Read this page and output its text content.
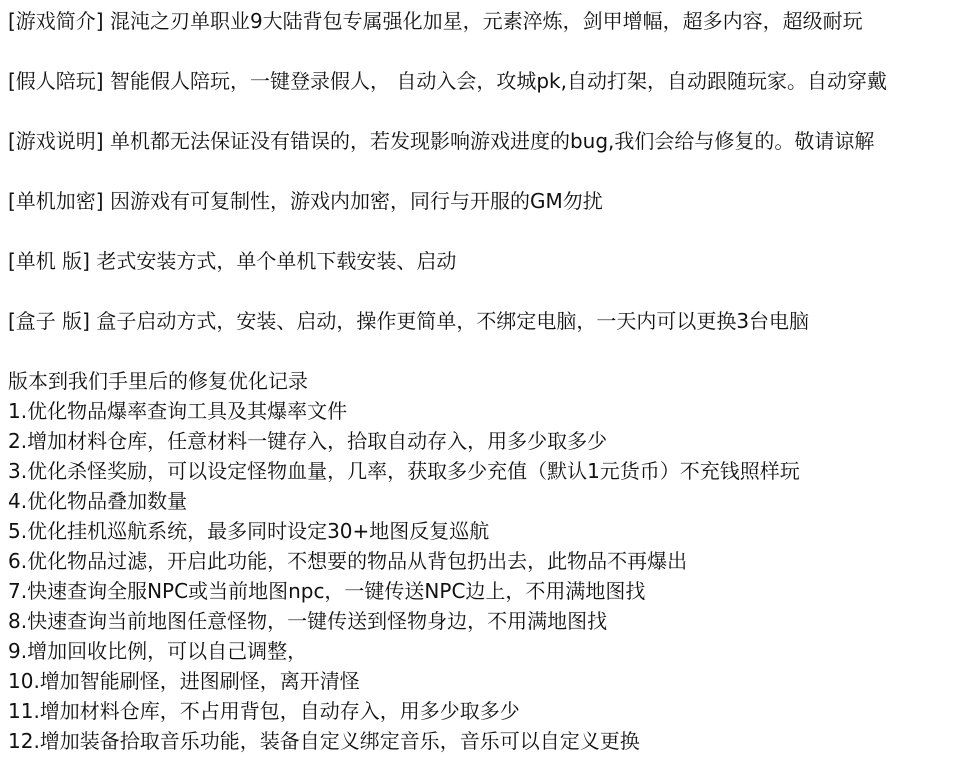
[游戏简介] 混沌之刃单职业9大陆背包专属强化加星，元素淬炼，剑甲增幅，超多内容，超级耐玩
[假人陪玩] 智能假人陪玩，一键登录假人， 自动入会，攻城pk,自动打架，自动跟随玩家。自动穿戴
[游戏说明] 单机都无法保证没有错误的，若发现影响游戏进度的bug,我们会给与修复的。敬请谅解
[单机加密] 因游戏有可复制性，游戏内加密，同行与开服的GM勿扰
[单机 版] 老式安装方式，单个单机下载安装、启动
[盒子 版] 盒子启动方式，安装、启动，操作更简单，不绑定电脑，一天内可以更换3台电脑
版本到我们手里后的修复优化记录
1.优化物品爆率查询工具及其爆率文件
2.增加材料仓库，任意材料一键存入，拾取自动存入，用多少取多少
3.优化杀怪奖励，可以设定怪物血量，几率，获取多少充值（默认1元货币）不充钱照样玩
4.优化物品叠加数量
5.优化挂机巡航系统，最多同时设定30+地图反复巡航
6.优化物品过滤，开启此功能，不想要的物品从背包扔出去，此物品不再爆出
7.快速查询全服NPC或当前地图npc，一键传送NPC边上，不用满地图找
8.快速查询当前地图任意怪物，一键传送到怪物身边，不用满地图找
9.增加回收比例，可以自己调整，
10.增加智能刷怪，进图刷怪，离开清怪
11.增加材料仓库，不占用背包，自动存入，用多少取多少
12.增加装备拾取音乐功能，装备自定义绑定音乐，音乐可以自定义更换
